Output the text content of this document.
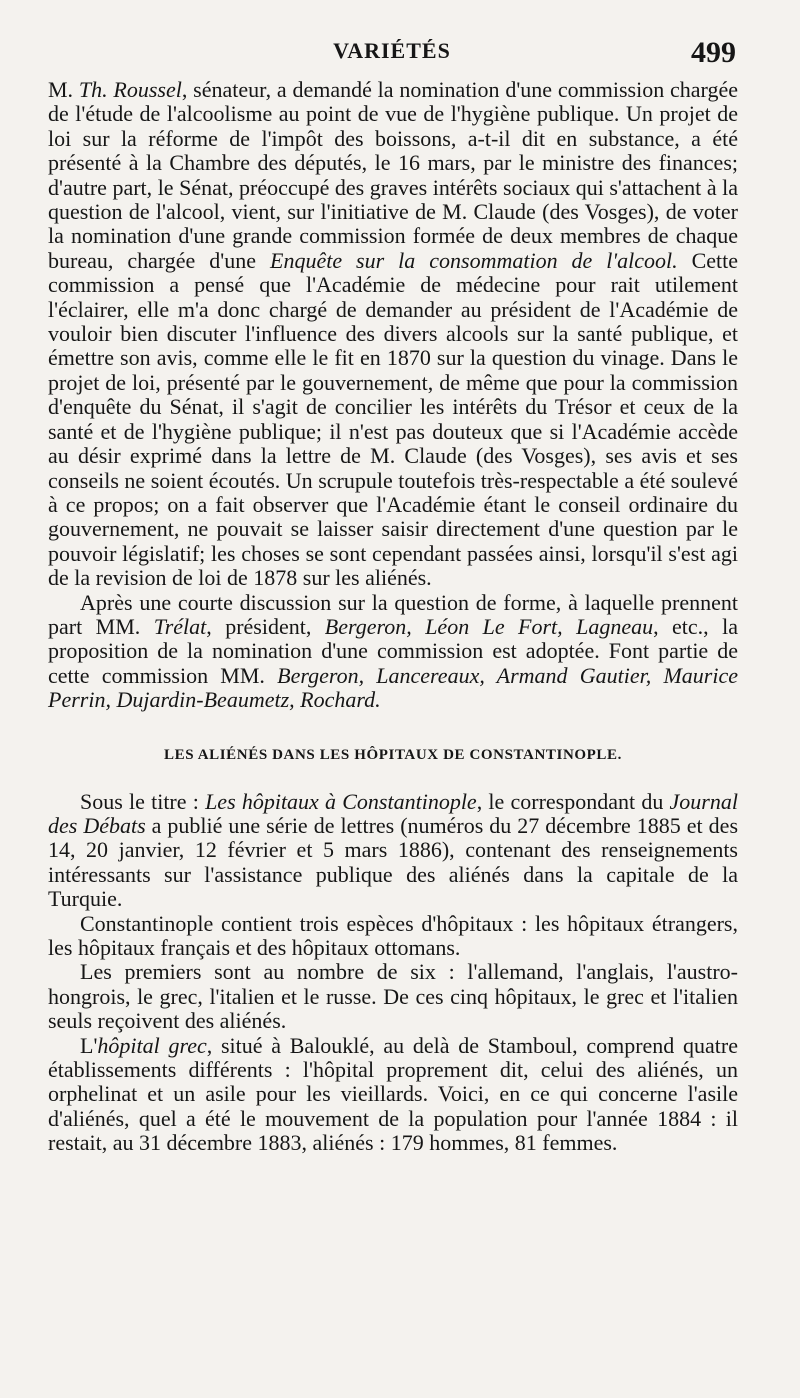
VARIÉTÉS	499

M. Th. Roussel, sénateur, a demandé la nomination d'une commission chargée de l'étude de l'alcoolisme au point de vue de l'hygiène publique. Un projet de loi sur la réforme de l'impôt des boissons, a-t-il dit en substance, a été présenté à la Chambre des députés, le 16 mars, par le ministre des finances; d'autre part, le Sénat, préoccupé des graves intérêts sociaux qui s'attachent à la question de l'alcool, vient, sur l'initiative de M. Claude (des Vosges), de voter la nomination d'une grande commission formée de deux membres de chaque bureau, chargée d'une Enquête sur la consommation de l'alcool. Cette commission a pensé que l'Académie de médecine pour rait utilement l'éclairer, elle m'a donc chargé de demander au président de l'Académie de vouloir bien discuter l'influence des divers alcools sur la santé publique, et émettre son avis, comme elle le fit en 1870 sur la question du vinage. Dans le projet de loi, présenté par le gouvernement, de même que pour la commission d'enquête du Sénat, il s'agit de concilier les intérêts du Trésor et ceux de la santé et de l'hygiène publique; il n'est pas douteux que si l'Académie accède au désir exprimé dans la lettre de M. Claude (des Vosges), ses avis et ses conseils ne soient écoutés. Un scrupule toutefois très-respectable a été soulevé à ce propos; on a fait observer que l'Académie étant le conseil ordinaire du gouvernement, ne pouvait se laisser saisir directement d'une question par le pouvoir législatif; les choses se sont cependant passées ainsi, lorsqu'il s'est agi de la revision de loi de 1878 sur les aliénés.

Après une courte discussion sur la question de forme, à laquelle prennent part MM. Trélat, président, Bergeron, Léon Le Fort, Lagneau, etc., la proposition de la nomination d'une commission est adoptée. Font partie de cette commission MM. Bergeron, Lancereaux, Armand Gautier, Maurice Perrin, Dujardin-Beaumetz, Rochard.

LES ALIÉNÉS DANS LES HÔPITAUX DE CONSTANTINOPLE.

Sous le titre : Les hôpitaux à Constantinople, le correspondant du Journal des Débats a publié une série de lettres (numéros du 27 décembre 1885 et des 14, 20 janvier, 12 février et 5 mars 1886), contenant des renseignements intéressants sur l'assistance publique des aliénés dans la capitale de la Turquie.

Constantinople contient trois espèces d'hôpitaux : les hôpitaux étrangers, les hôpitaux français et des hôpitaux ottomans.

Les premiers sont au nombre de six : l'allemand, l'anglais, l'austro-hongrois, le grec, l'italien et le russe. De ces cinq hôpitaux, le grec et l'italien seuls reçoivent des aliénés.

L'hôpital grec, situé à Balouklé, au delà de Stamboul, comprend quatre établissements différents : l'hôpital proprement dit, celui des aliénés, un orphelinat et un asile pour les vieillards. Voici, en ce qui concerne l'asile d'aliénés, quel a été le mouvement de la population pour l'année 1884 : il restait, au 31 décembre 1883, aliénés : 179 hommes, 81 femmes.
